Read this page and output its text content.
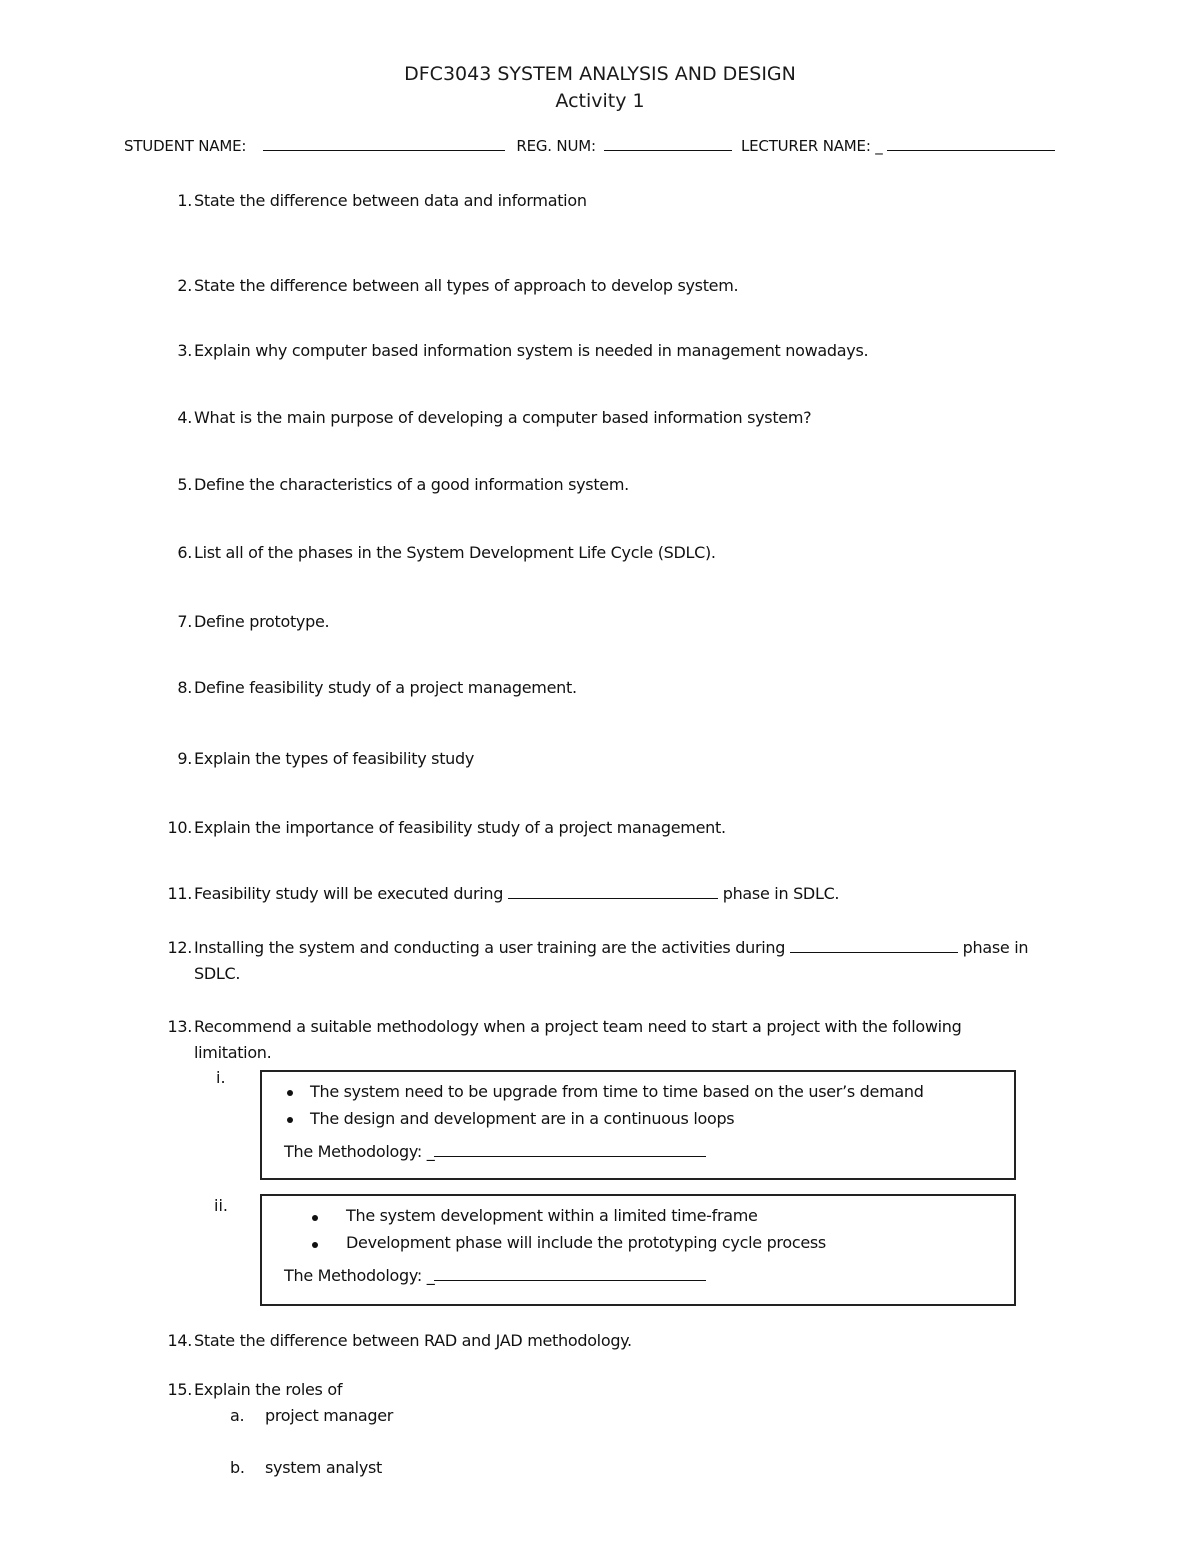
DFC3043 SYSTEM ANALYSIS AND DESIGN
Activity 1
STUDENT NAME:	REG. NUM:	LECTURER NAME: _
1. State the difference between data and information
2. State the difference between all types of approach to develop system.
3. Explain why computer based information system is needed in management nowadays.
4. What is the main purpose of developing a computer based information system?
5. Define the characteristics of a good information system.
6. List all of the phases in the System Development Life Cycle (SDLC).
7. Define prototype.
8. Define feasibility study of a project management.
9. Explain the types of feasibility study
10. Explain the importance of feasibility study of a project management.
11. Feasibility study will be executed during	phase in SDLC.
12. Installing the system and conducting a user training are the activities during	phase in
SDLC.
13. Recommend a suitable methodology when a project team need to start a project with the following
limitation.
i.
The system need to be upgrade from time to time based on the user’s demand
The design and development are in a continuous loops
The Methodology: _
ii.
The system development within a limited time-frame
Development phase will include the prototyping cycle process
The Methodology: _
14. State the difference between RAD and JAD methodology.
15. Explain the roles of
a. project manager
b. system analyst
